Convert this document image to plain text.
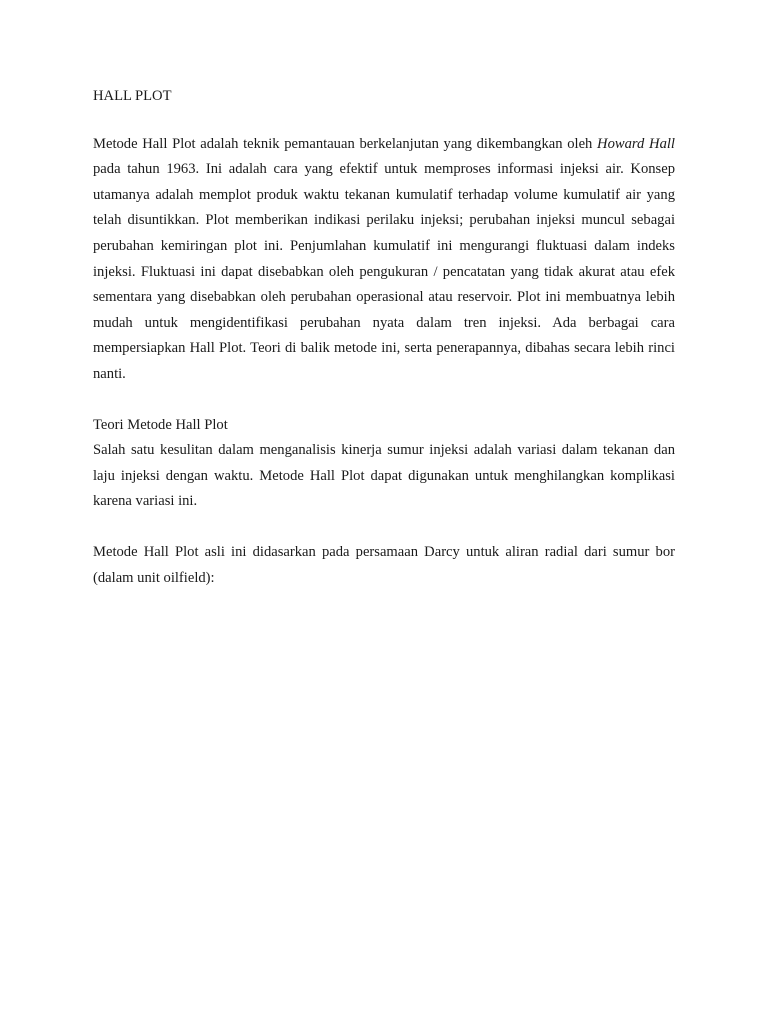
HALL PLOT

Metode Hall Plot adalah teknik pemantauan berkelanjutan yang dikembangkan oleh Howard Hall pada tahun 1963. Ini adalah cara yang efektif untuk memproses informasi injeksi air. Konsep utamanya adalah memplot produk waktu tekanan kumulatif terhadap volume kumulatif air yang telah disuntikkan. Plot memberikan indikasi perilaku injeksi; perubahan injeksi muncul sebagai perubahan kemiringan plot ini. Penjumlahan kumulatif ini mengurangi fluktuasi dalam indeks injeksi. Fluktuasi ini dapat disebabkan oleh pengukuran / pencatatan yang tidak akurat atau efek sementara yang disebabkan oleh perubahan operasional atau reservoir. Plot ini membuatnya lebih mudah untuk mengidentifikasi perubahan nyata dalam tren injeksi. Ada berbagai cara mempersiapkan Hall Plot. Teori di balik metode ini, serta penerapannya, dibahas secara lebih rinci nanti.

Teori Metode Hall Plot

Salah satu kesulitan dalam menganalisis kinerja sumur injeksi adalah variasi dalam tekanan dan laju injeksi dengan waktu. Metode Hall Plot dapat digunakan untuk menghilangkan komplikasi karena variasi ini.

Metode Hall Plot asli ini didasarkan pada persamaan Darcy untuk aliran radial dari sumur bor (dalam unit oilfield):
